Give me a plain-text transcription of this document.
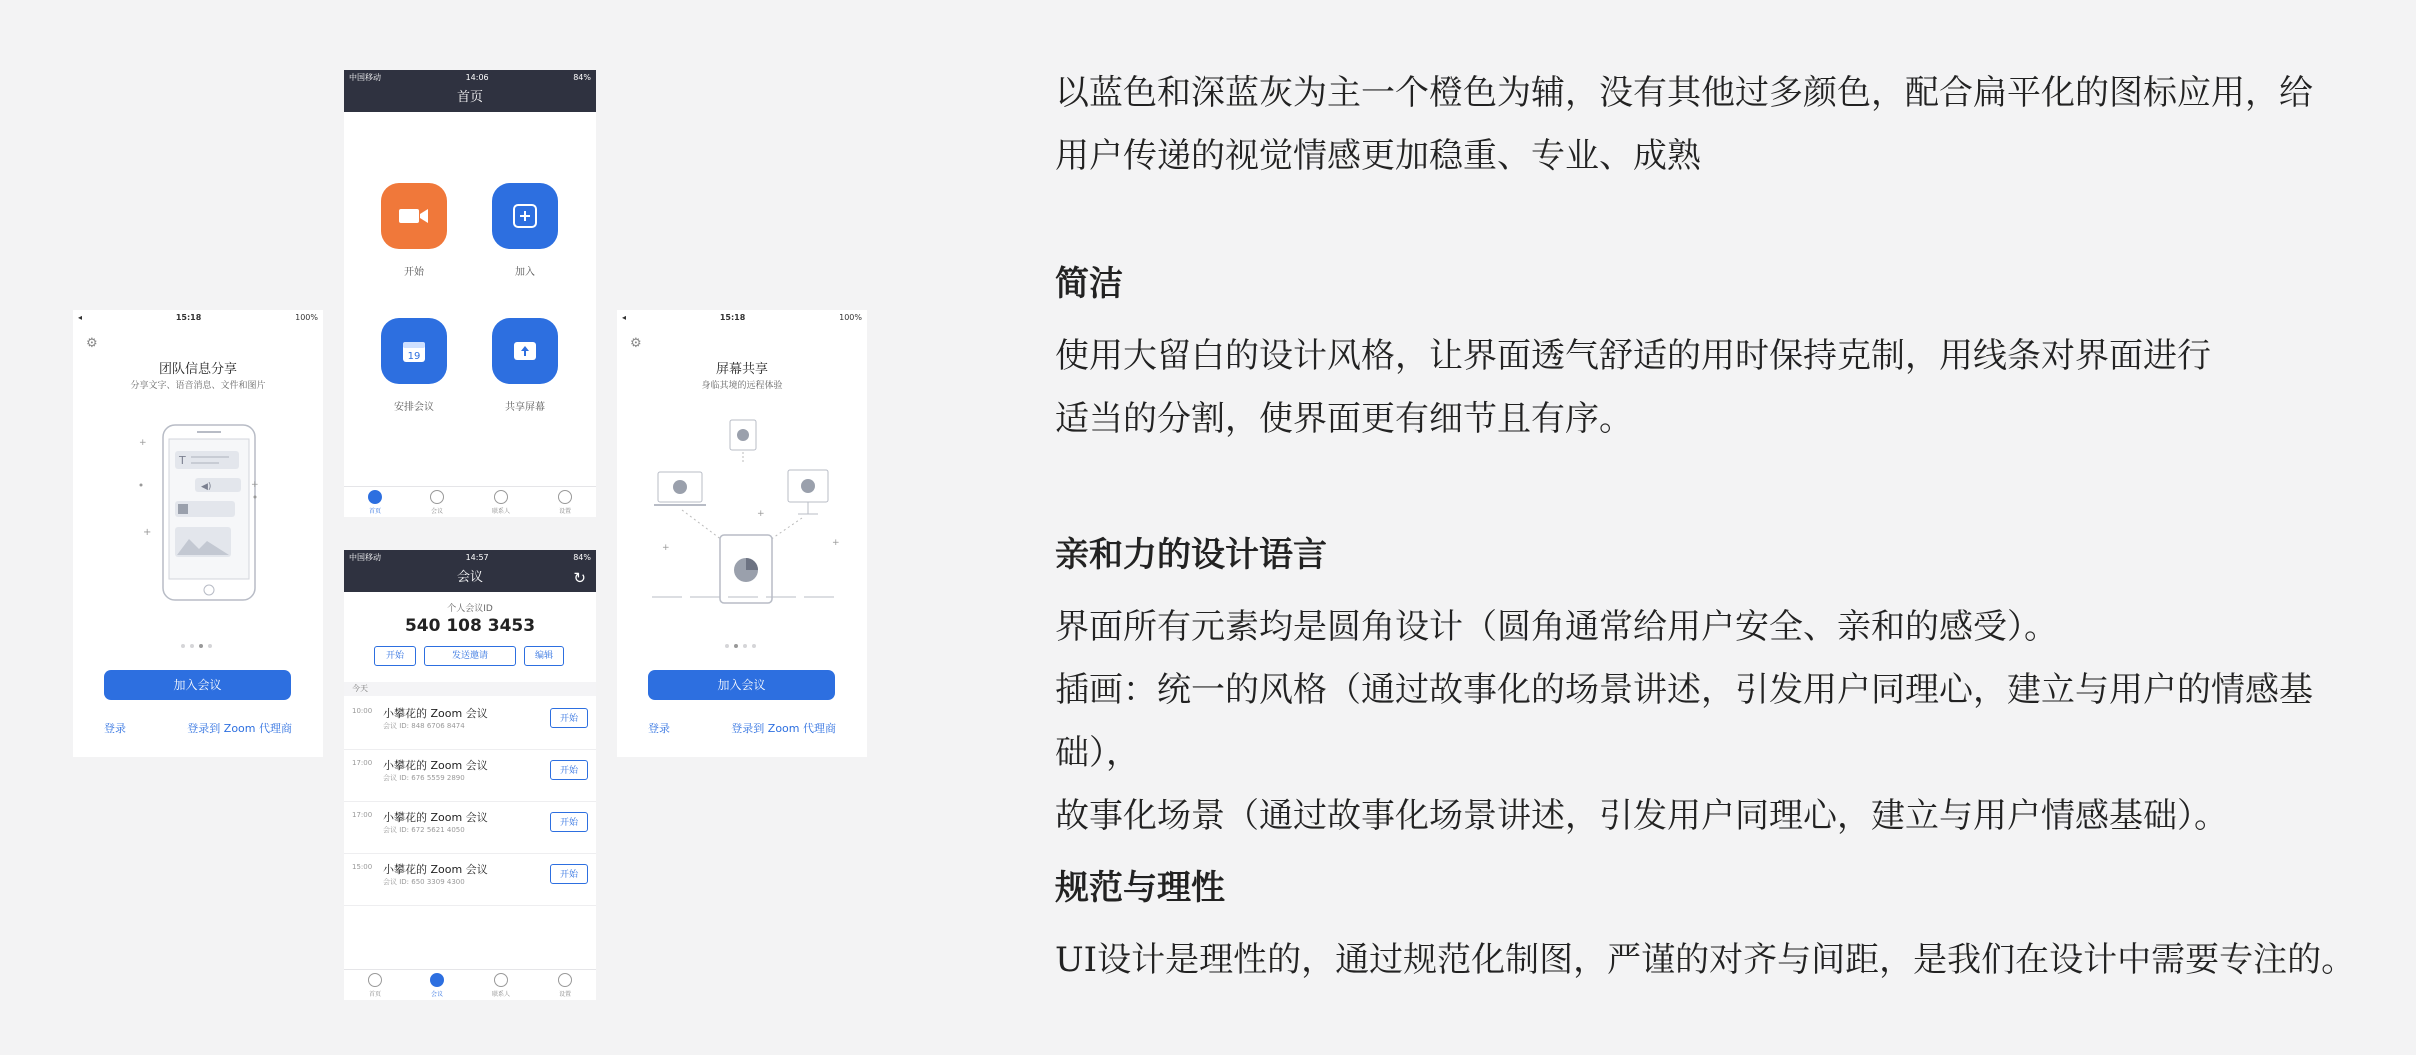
◂	15:18	100%
⚙
团队信息分享
分享文字、语音消息、文件和图片
T
◀)
+
+
+
加入会议
登录	登录到 Zoom 代理商
中国移动	14:06	84%
首页
开始	加入
19
安排会议	共享屏幕
首页	会议	联系人	设置
中国移动	14:57	84%
会议	↻
个人会议ID
540 108 3453
开始	发送邀请	编辑
今天
10:00 小攀花的 Zoom 会议
会议 ID: 848 6706 8474
开始
17:00 小攀花的 Zoom 会议
会议 ID: 676 5559 2890
开始
17:00 小攀花的 Zoom 会议
会议 ID: 672 5621 4050
开始
15:00 小攀花的 Zoom 会议
会议 ID: 650 3309 4300
开始
首页	会议	联系人	设置
◂	15:18	100%
⚙
屏幕共享
身临其境的远程体验
+	+
+
加入会议
登录	登录到 Zoom 代理商
以蓝色和深蓝灰为主一个橙色为辅，没有其他过多颜色，配合扁平化的图标应用，给
用户传递的视觉情感更加稳重、专业、成熟
简洁
使用大留白的设计风格，让界面透气舒适的用时保持克制，用线条对界面进行
适当的分割，使界面更有细节且有序。
亲和力的设计语言
界面所有元素均是圆角设计（圆角通常给用户安全、亲和的感受）。
插画：统一的风格（通过故事化的场景讲述，引发用户同理心，建立与用户的情感基础），
故事化场景（通过故事化场景讲述，引发用户同理心，建立与用户情感基础）。
规范与理性
UI设计是理性的，通过规范化制图，严谨的对齐与间距，是我们在设计中需要专注的。
